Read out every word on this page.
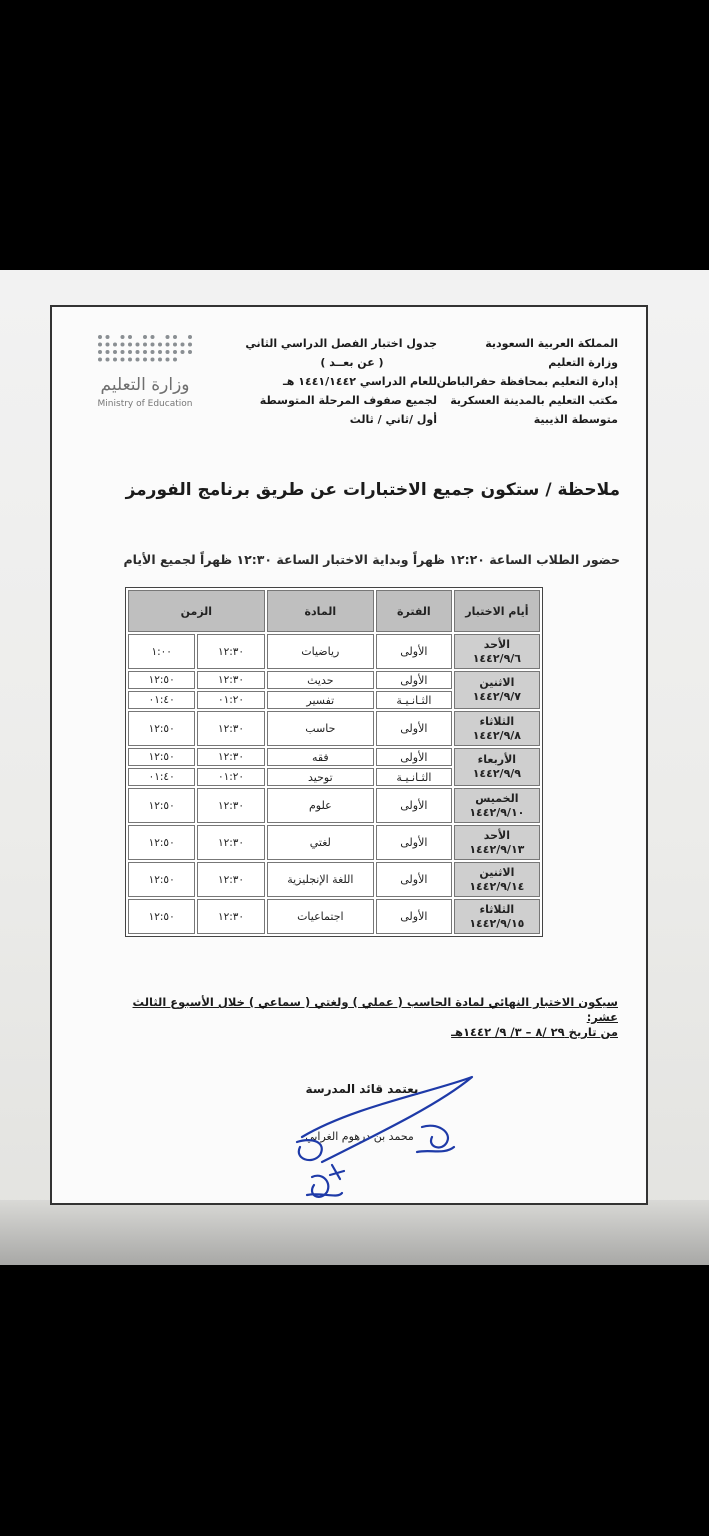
المملكة العربية السعودية
وزارة التعليم
إدارة التعليم بمحافظة حفرالباطن
مكتب التعليم بالمدينة العسكرية
متوسطة الذيبية
جدول اختبار الفصل الدراسي الثاني
( عن بعــد )
للعام الدراسي ١٤٤١/١٤٤٢ هـ
لجميع صفوف المرحلة المتوسطة
أول /ثاني / ثالث
وزارة التعليم
Ministry of Education
ملاحظة / ستكون جميع الاختبارات عن طريق برنامج الفورمز
حضور الطلاب الساعة ١٢:٢٠ ظهراً وبداية الاختبار الساعة ١٢:٣٠ ظهراً لجميع الأيام
أيام الاختبار	الفترة	المادة	الزمن	

الأحد
١٤٤٢/٩/٦	الأولى	رياضيات	١٢:٣٠	١:٠٠

الاثنين
١٤٤٢/٩/٧	الأولى	حديث	١٢:٣٠	١٢:٥٠
	الثـانـيـة	تفسير	٠١:٢٠	٠١:٤٠

الثلاثاء
١٤٤٢/٩/٨	الأولى	حاسب	١٢:٣٠	١٢:٥٠

الأربعاء
١٤٤٢/٩/٩	الأولى	فقه	١٢:٣٠	١٢:٥٠
	الثـانـيـة	توحيد	٠١:٢٠	٠١:٤٠

الخميس
١٤٤٢/٩/١٠	الأولى	علوم	١٢:٣٠	١٢:٥٠

الأحد
١٤٤٢/٩/١٣	الأولى	لغتي	١٢:٣٠	١٢:٥٠

الاثنين
١٤٤٢/٩/١٤	الأولى	اللغة الإنجليزية	١٢:٣٠	١٢:٥٠

الثلاثاء
١٤٤٢/٩/١٥	الأولى	اجتماعيات	١٢:٣٠	١٢:٥٠
سيكون الاختبار النهائي لمادة الحاسب ( عملي ) ولغتي ( سماعي ) خلال الأسبوع الثالث عشر:
من تاريخ ٢٩ /٨ – ٣/ ٩/ ١٤٤٢هـ
يعتمد قائد المدرسة
محمد بن درهوم الغرابي
